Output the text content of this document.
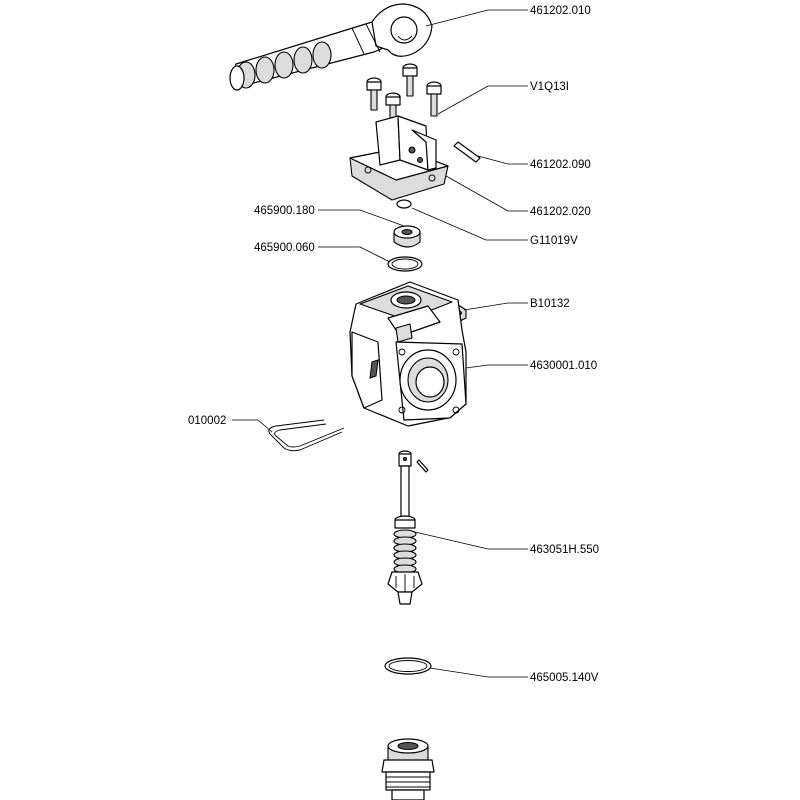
461202.010
V1Q13I
461202.090
461202.020
465900.180
G11019V
465900.060
B10132
4630001.010
010002
463051H.550
465005.140V
